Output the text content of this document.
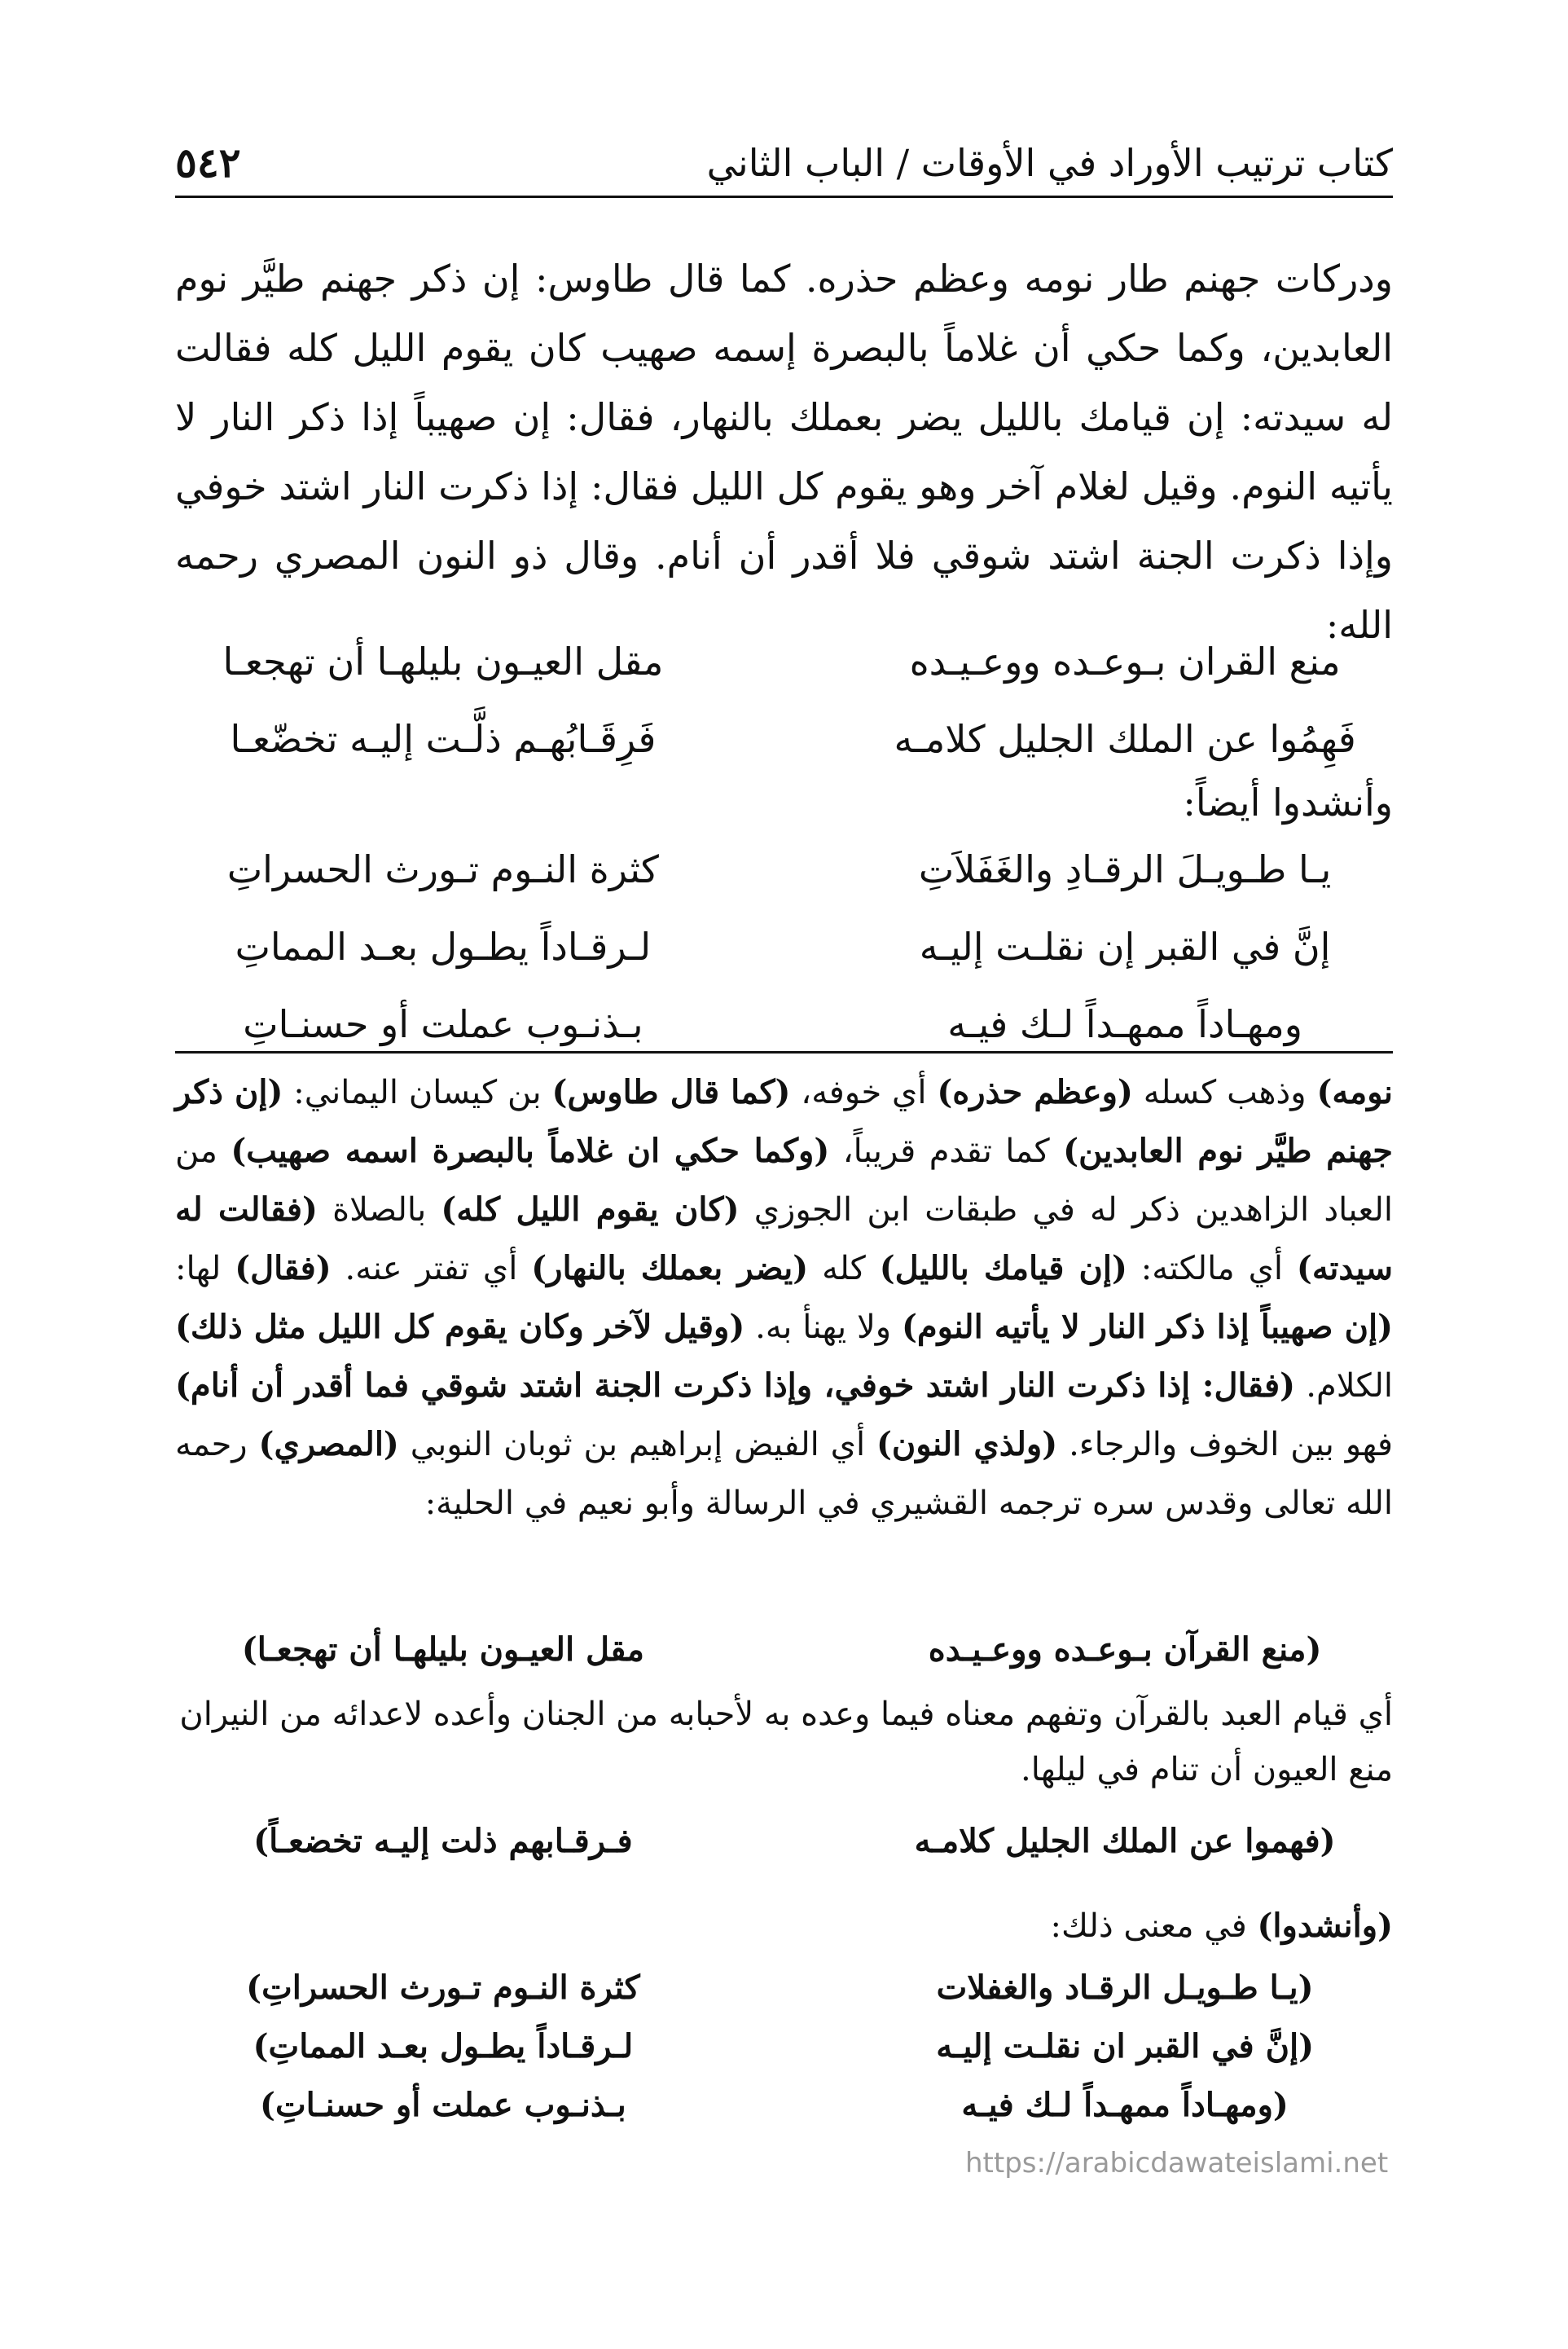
كتاب ترتيب الأوراد في الأوقات / الباب الثاني
٥٤٢

ودركات جهنم طار نومه وعظم حذره. كما قال طاوس: إن ذكر جهنم طيَّر نوم العابدين، وكما حكي أن غلاماً بالبصرة إسمه صهيب كان يقوم الليل كله فقالت له سيدته: إن قيامك بالليل يضر بعملك بالنهار، فقال: إن صهيباً إذا ذكر النار لا يأتيه النوم. وقيل لغلام آخر وهو يقوم كل الليل فقال: إذا ذكرت النار اشتد خوفي وإذا ذكرت الجنة اشتد شوقي فلا أقدر أن أنام. وقال ذو النون المصري رحمه الله:

منع القران بـوعـده ووعـيـده
مقل العيـون بليلهـا أن تهجعـا
فَهِمُوا عن الملك الجليل كلامـه
فَرِقَـابُهـم ذلَّـت إليـه تخضّعـا
وأنشدوا أيضاً:
يـا طـويـلَ الرقـادِ والغَفَلاَتِ
كثرة النـوم تـورث الحسراتِ
إنَّ في القبر إن نقلـت إليـه
لـرقـاداً يطـول بعـد المماتِ
ومهـاداً ممهـداً لـك فيـه
بـذنـوب عملت أو حسنـاتِ

نومه) وذهب كسله (وعظم حذره) أي خوفه، (كما قال طاوس) بن كيسان اليماني: (إن ذكر جهنم طيَّر نوم العابدين) كما تقدم قريباً، (وكما حكي ان غلاماً بالبصرة اسمه صهيب) من العباد الزاهدين ذكر له في طبقات ابن الجوزي (كان يقوم الليل كله) بالصلاة (فقالت له سيدته) أي مالكته: (إن قيامك بالليل) كله (يضر بعملك بالنهار) أي تفتر عنه. (فقال) لها: (إن صهيباً إذا ذكر النار لا يأتيه النوم) ولا يهنأ به. (وقيل لآخر وكان يقوم كل الليل مثل ذلك) الكلام. (فقال: إذا ذكرت النار اشتد خوفي، وإذا ذكرت الجنة اشتد شوقي فما أقدر أن أنام) فهو بين الخوف والرجاء. (ولذي النون) أي الفيض إبراهيم بن ثوبان النوبي (المصري) رحمه الله تعالى وقدس سره ترجمه القشيري في الرسالة وأبو نعيم في الحلية:

(منع القرآن بـوعـده ووعـيـده
مقل العيـون بليلهـا أن تهجعـا)

أي قيام العبد بالقرآن وتفهم معناه فيما وعده به لأحبابه من الجنان وأعده لاعدائه من النيران منع العيون أن تنام في ليلها.

(فهموا عن الملك الجليل كلامـه
فـرقـابهم ذلت إليـه تخضعـاً)
(وأنشدوا) في معنى ذلك:
(يـا طـويـل الرقـاد والغفلات
كثرة النـوم تـورث الحسراتِ)
(إنَّ في القبر ان نقلـت إليـه
لـرقـاداً يطـول بعـد المماتِ)
(ومهـاداً ممهـداً لـك فيـه
بـذنـوب عملت أو حسنـاتِ)
https://arabicdawateislami.net
